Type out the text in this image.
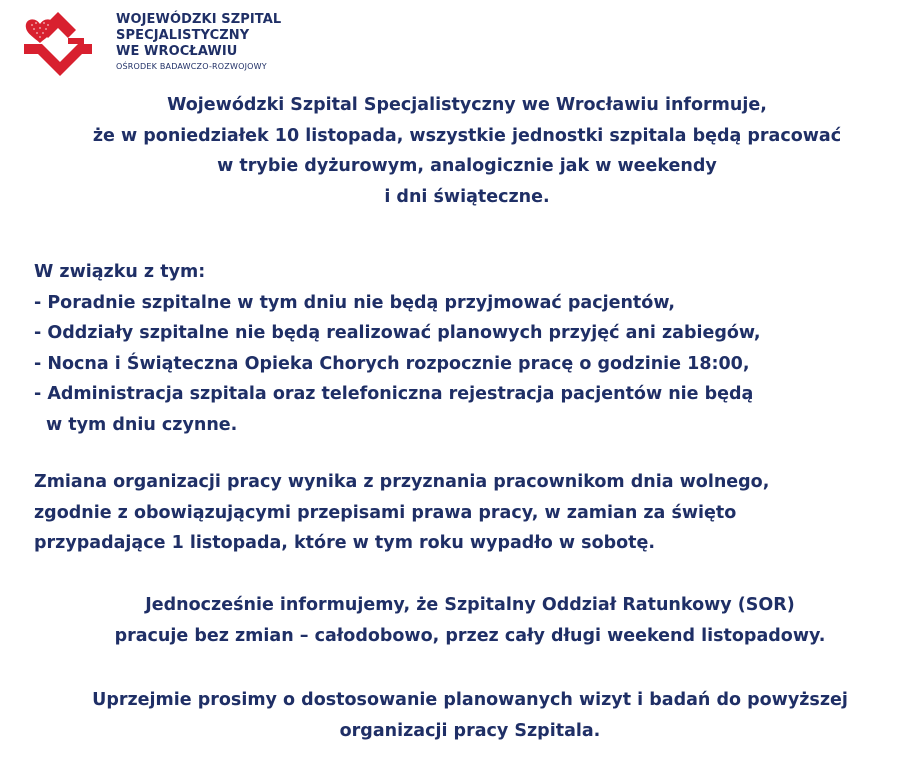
WOJEWÓDZKI SZPITAL
SPECJALISTYCZNY
WE WROCŁAWIU
OŚRODEK BADAWCZO-ROZWOJOWY
Wojewódzki Szpital Specjalistyczny we Wrocławiu informuje,
że w poniedziałek 10 listopada, wszystkie jednostki szpitala będą pracować
w trybie dyżurowym, analogicznie jak w weekendy
i dni świąteczne.
W związku z tym:
- Poradnie szpitalne w tym dniu nie będą przyjmować pacjentów,
- Oddziały szpitalne nie będą realizować planowych przyjęć ani zabiegów,
- Nocna i Świąteczna Opieka Chorych rozpocznie pracę o godzinie 18:00,
- Administracja szpitala oraz telefoniczna rejestracja pacjentów nie będą
w tym dniu czynne.
Zmiana organizacji pracy wynika z przyznania pracownikom dnia wolnego,
zgodnie z obowiązującymi przepisami prawa pracy, w zamian za święto
przypadające 1 listopada, które w tym roku wypadło w sobotę.
Jednocześnie informujemy, że Szpitalny Oddział Ratunkowy (SOR)
pracuje bez zmian – całodobowo, przez cały długi weekend listopadowy.
Uprzejmie prosimy o dostosowanie planowanych wizyt i badań do powyższej
organizacji pracy Szpitala.
